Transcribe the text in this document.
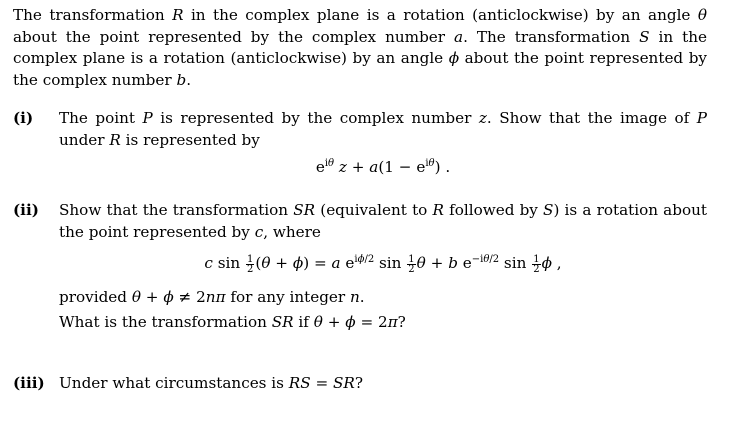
The transformation R in the complex plane is a rotation (anticlockwise) by an angle θ about the point represented by the complex number a. The transformation S in the complex plane is a rotation (anticlockwise) by an angle ϕ about the point represented by the complex number b.

(i) The point P is represented by the complex number z. Show that the image of P under R is represented by

$e^{i\theta}$ $z + a(1 - e^{i\theta})$ .
(ii) Show that the transformation SR (equivalent to R followed by S) is a rotation about the point represented by c, where

c $\sin \frac{1}{2} (\theta + \phi) = a$ $e^{i\phi/2}$ $\sin \frac{1}{2}$ θ + b $e^{-i\theta/2}$ $\sin \frac{1}{2}$ ϕ ,

provided θ + ϕ ≠ 2nπ for any integer n.

What is the transformation SR if θ + ϕ = 2π?

(iii) Under what circumstances is RS = SR?
